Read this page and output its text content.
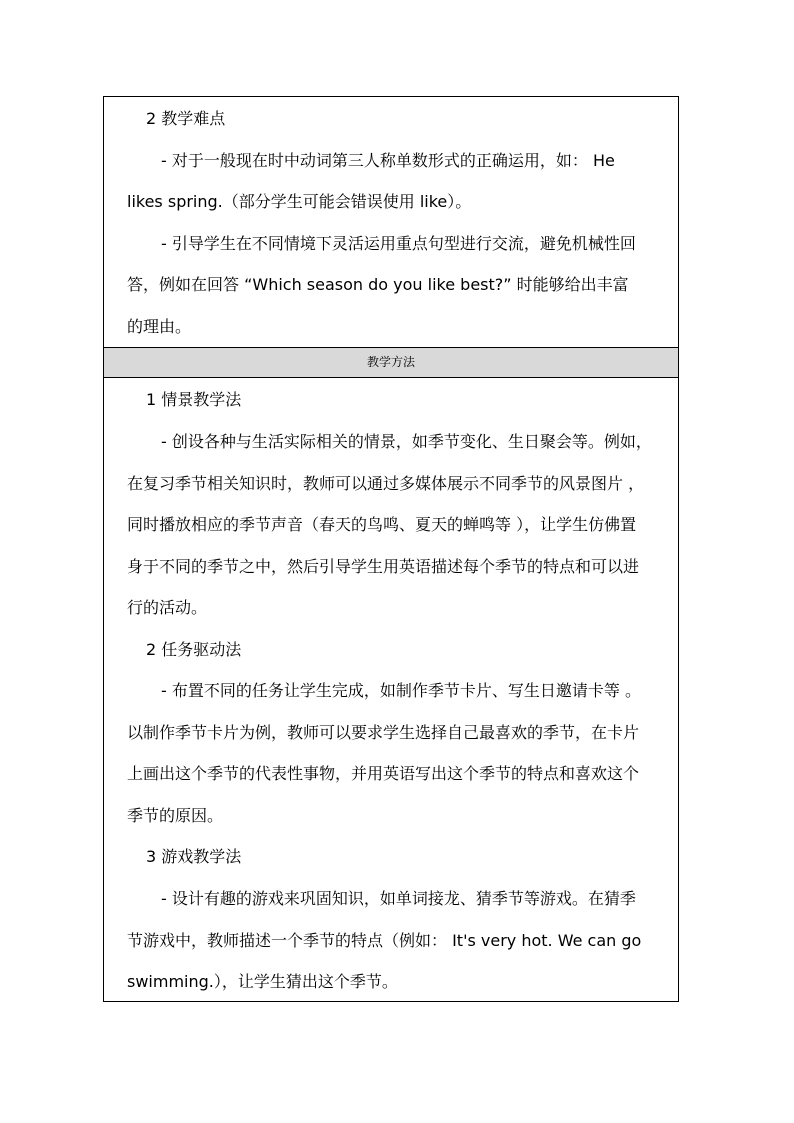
2 教学难点
- 对于一般现在时中动词第三人称单数形式的正确运用，如： He
likes spring.（部分学生可能会错误使用 like）。
- 引导学生在不同情境下灵活运用重点句型进行交流，避免机械性回
答，例如在回答 “Which season do you like best?” 时能够给出丰富
的理由。
教学方法
1 情景教学法
- 创设各种与生活实际相关的情景，如季节变化、生日聚会等。例如，
在复习季节相关知识时，教师可以通过多媒体展示不同季节的风景图片 ，
同时播放相应的季节声音（春天的鸟鸣、夏天的蝉鸣等 ），让学生仿佛置
身于不同的季节之中，然后引导学生用英语描述每个季节的特点和可以进
行的活动。
2 任务驱动法
- 布置不同的任务让学生完成，如制作季节卡片、写生日邀请卡等 。
以制作季节卡片为例，教师可以要求学生选择自己最喜欢的季节，在卡片
上画出这个季节的代表性事物，并用英语写出这个季节的特点和喜欢这个
季节的原因。
3 游戏教学法
- 设计有趣的游戏来巩固知识，如单词接龙、猜季节等游戏。在猜季
节游戏中，教师描述一个季节的特点（例如： It's very hot. We can go
swimming.），让学生猜出这个季节。
